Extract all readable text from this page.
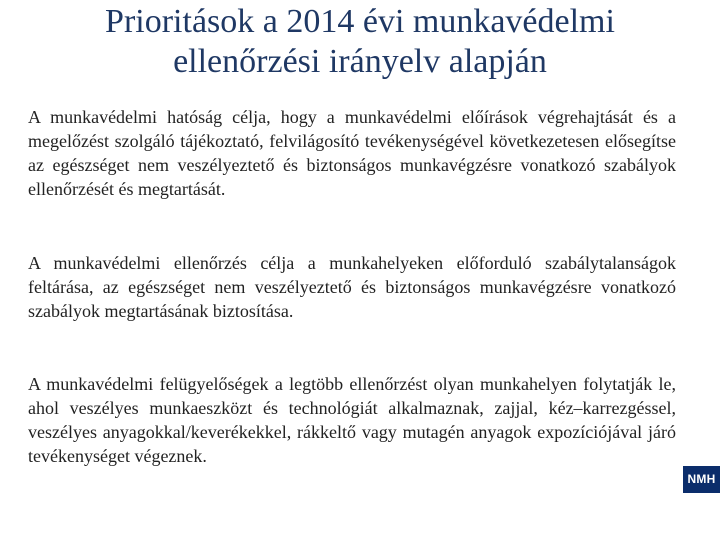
Prioritások a 2014 évi munkavédelmi
ellenőrzési irányelv alapján

A munkavédelmi hatóság célja, hogy a munkavédelmi előírások végrehajtását és a megelőzést szolgáló tájékoztató, felvilágosító tevékenységével következetesen elősegítse az egészséget nem veszélyeztető és biztonságos munkavégzésre vonatkozó szabályok ellenőrzését és megtartását.

A munkavédelmi ellenőrzés célja a munkahelyeken előforduló szabálytalanságok feltárása, az egészséget nem veszélyeztető és biztonságos munkavégzésre vonatkozó szabályok megtartásának biztosítása.

A munkavédelmi felügyelőségek a legtöbb ellenőrzést olyan munkahelyen folytatják le, ahol veszélyes munkaeszközt és technológiát alkalmaznak, zajjal, kéz–karrezgéssel, veszélyes anyagokkal/keverékekkel, rákkeltő vagy mutagén anyagok expozíciójával járó tevékenységet végeznek.

NMH
